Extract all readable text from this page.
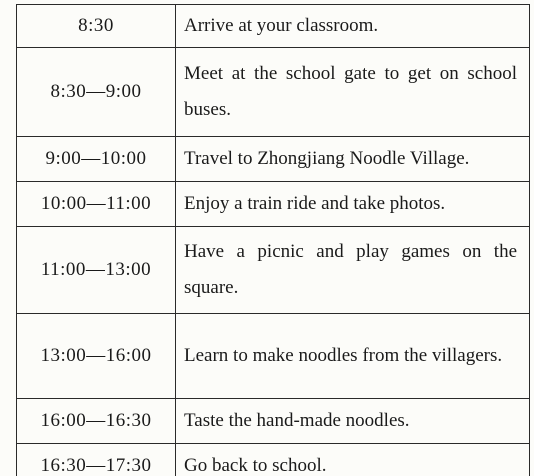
8:30	Arrive at your classroom.
8:30—9:00	Meet at the school gate to get on school buses.
9:00—10:00	Travel to Zhongjiang Noodle Village.
10:00—11:00	Enjoy a train ride and take photos.
11:00—13:00	Have a picnic and play games on the square.
13:00—16:00	Learn to make noodles from the villagers.
16:00—16:30	Taste the hand-made noodles.
16:30—17:30	Go back to school.
